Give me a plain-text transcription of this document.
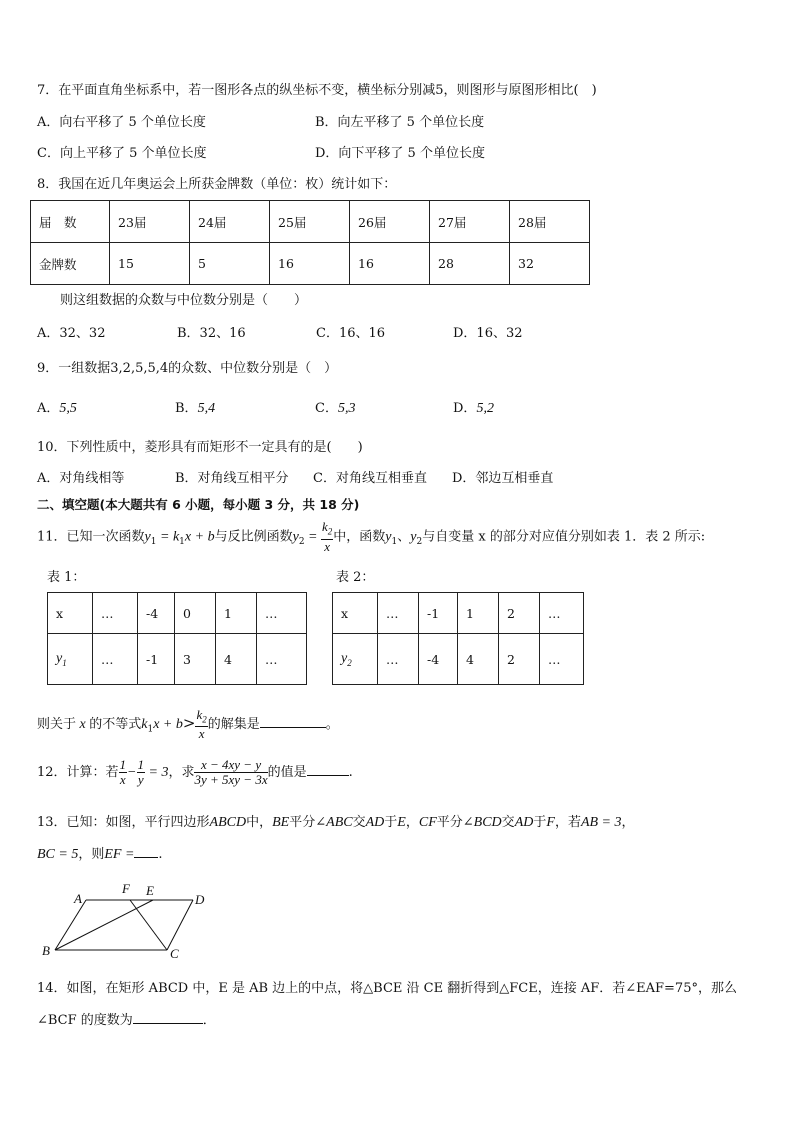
7．在平面直角坐标系中，若一图形各点的纵坐标不变，横坐标分别减5，则图形与原图形相比(　)
A．向右平移了 5 个单位长度	B．向左平移了 5 个单位长度
C．向上平移了 5 个单位长度	D．向下平移了 5 个单位长度
8．我国在近几年奥运会上所获金牌数（单位：枚）统计如下：
届　数	23届	24届	25届	26届	27届	28届
金牌数	15	5	16	16	28	32
则这组数据的众数与中位数分别是（　　）
A．32、32	B．32、16	C．16、16	D．16、32
9．一组数据3,2,5,5,4的众数、中位数分别是（　）
A．5,5	B．5,4	C．5,3	D．5,2
10．下列性质中，菱形具有而矩形不一定具有的是(　　)
A．对角线相等	B．对角线互相平分 C．对角线互相垂直 D．邻边互相垂直
二、填空题(本大题共有 6 小题，每小题 3 分，共 18 分)
11．已知一次函数$y_1 = k_1x + b$与反比例函数$y_2 = \frac{k_2}{x}$ 中，函数$y_1$、$y_2$与自变量 x 的部分对应值分别如表 1．表 2 所示:
表 1：	表 2：
x	…	-4	0	1	…
$y_1$	…	-1	3	4	…
x	…	-1	1	2	…
$y_2$	…	-4	4	2	…
则关于 x 的不等式$k_1x + b> \frac{k_2}{x}$ 的解集是	。
12．计算：若 $\frac{1}{x} - \frac{1}{y} = 3$，求 $\frac{x - 4xy - y}{3y + 5xy - 3x}$ 的值是	.
13．已知：如图，平行四边形ABCD中，BE平分∠ABC交AD于E，CF平分∠BCD交AD于F，若AB = 3，
BC = 5，则EF = .
A
F E
D
B	C
14．如图，在矩形 ABCD 中，E 是 AB 边上的中点，将△BCE 沿 CE 翻折得到△FCE，连接 AF．若∠EAF=75°，那么
∠BCF 的度数为	．
